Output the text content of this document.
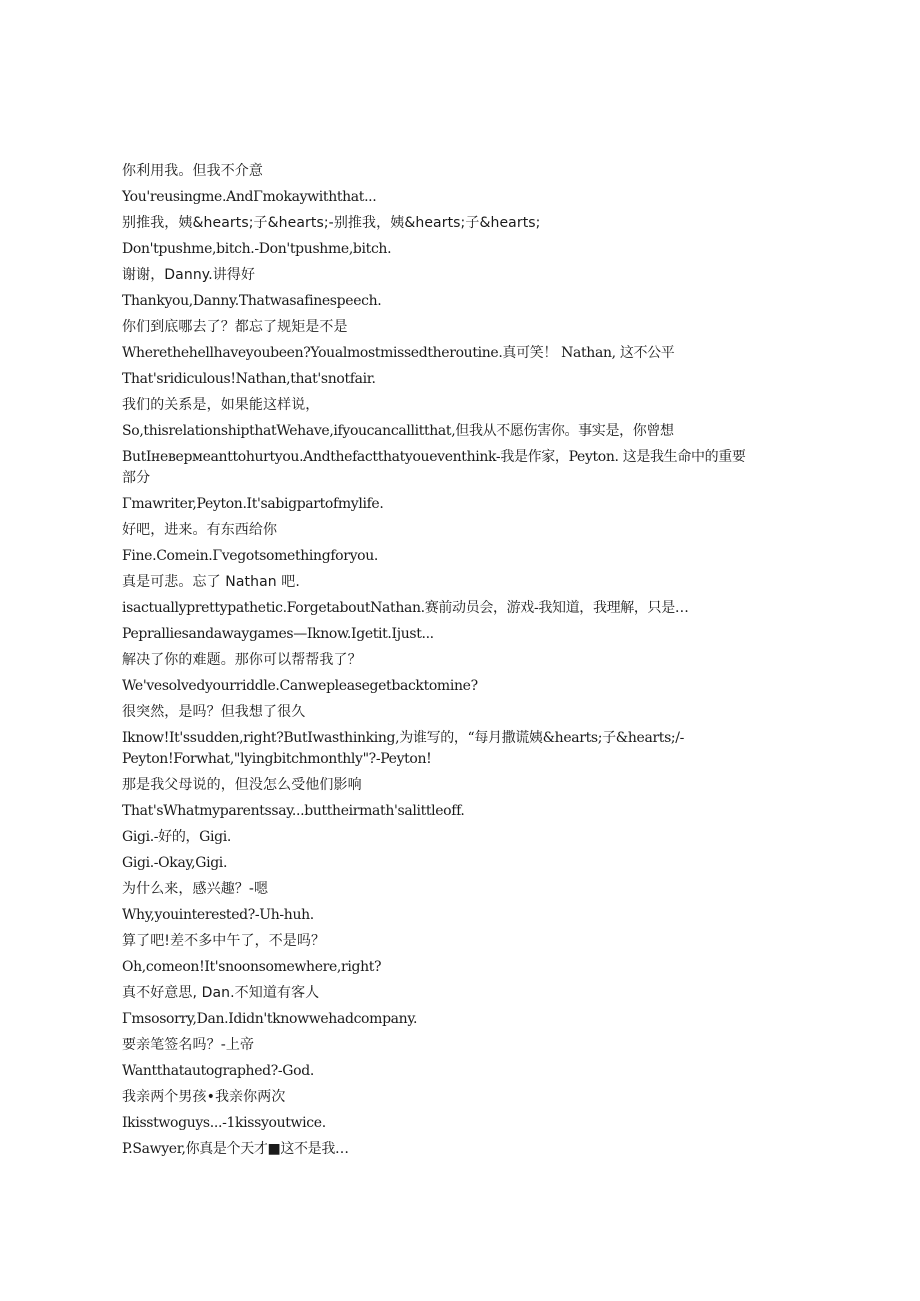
你利用我。但我不介意
You'reusingme.AndΓmokaywiththat...
别推我，姨&hearts;子&hearts;-别推我，姨&hearts;子&hearts;
Don'tpushme,bitch.-Don'tpushme,bitch.
谢谢，Danny.讲得好
Thankyou,Danny.Thatwasafinespeech.
你们到底哪去了？都忘了规矩是不是
Wherethehellhaveyoubeen?Youalmostmissedtheroutine.真可笑！ Nathan, 这不公平
That'sridiculous!Nathan,that'snotfair.
我们的关系是，如果能这样说，
So,thisrelationshipthatWehave,ifyoucancallitthat,但我从不愿伤害你。事实是，你曾想
ButIневермeanttohurtyou.Andthefactthatyoueventhink-我是作家，Peyton. 这是我生命中的重要
部分
Γmawriter,Peyton.It'sabigpartofmylife.
好吧，进来。有东西给你
Fine.Comein.Γvegotsomethingforyou.
真是可悲。忘了 Nathan 吧.
isactuallyprettypathetic.ForgetaboutNathan.赛前动员会，游戏-我知道，我理解，只是…
Pepralliesandawaygames—Iknow.Igetit.Ijust...
解决了你的难题。那你可以帮帮我了？
We'vesolvedyourriddle.Canwepleasegetbacktomine?
很突然，是吗？但我想了很久
Iknow!It'ssudden,right?ButIwasthinking,为谁写的，“每月撒谎姨&hearts;子&hearts;/-
Peyton!Forwhat,"lyingbitchmonthly"?-Peyton!
那是我父母说的，但没怎么受他们影响
That'sWhatmyparentssay...buttheirmath'salittleoff.
Gigi.-好的，Gigi.
Gigi.-Okay,Gigi.
为什么来，感兴趣？-嗯
Why,youinterested?-Uh-huh.
算了吧!差不多中午了，不是吗？
Oh,comeon!It'snoonsomewhere,right?
真不好意思, Dan.不知道有客人
Γmsosorry,Dan.Ididn'tknowwehadcompany.
要亲笔签名吗？-上帝
Wantthatautographed?-God.
我亲两个男孩•我亲你两次
Ikisstwoguys...-1kissyoutwice.
P.Sawyer,你真是个天才■这不是我…
